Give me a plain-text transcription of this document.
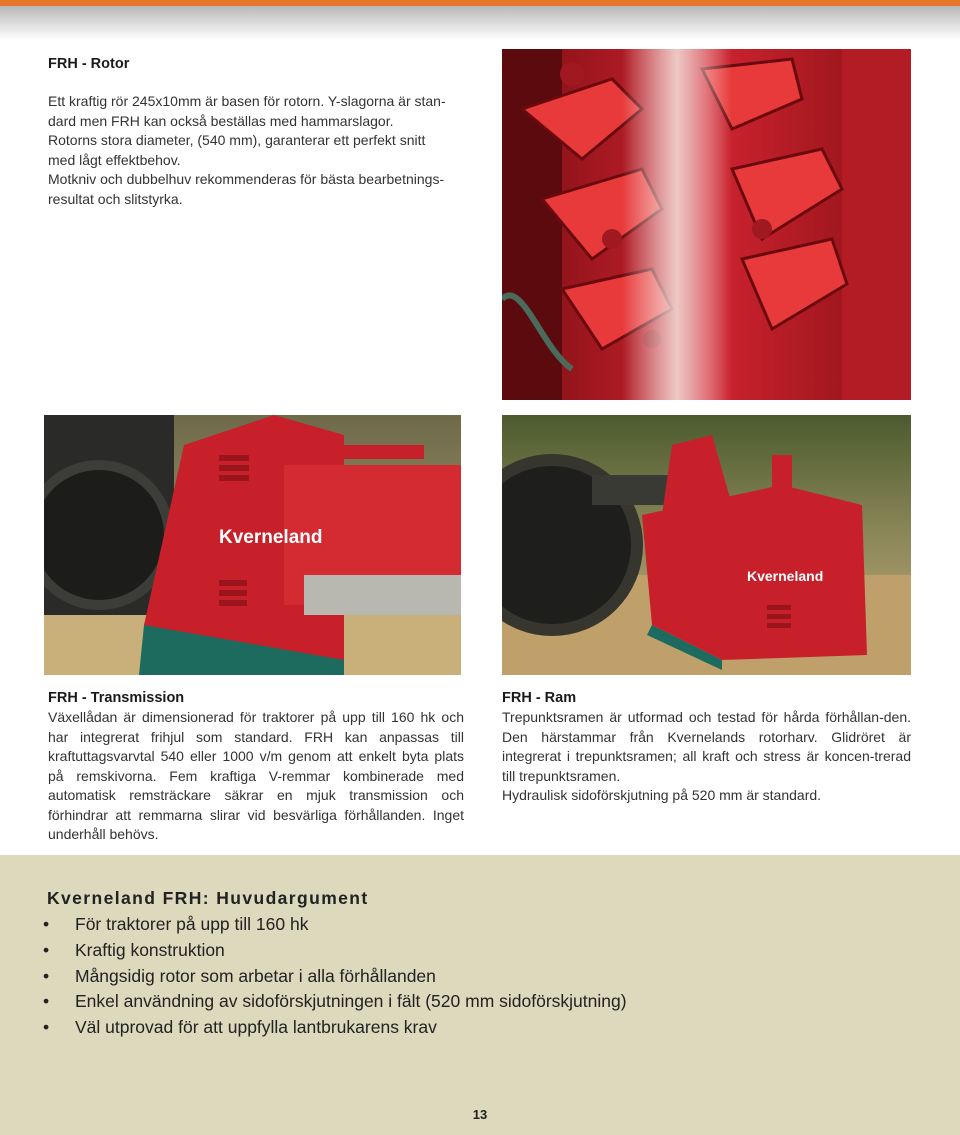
FRH - Rotor
Ett kraftig rör 245x10mm är basen för rotorn. Y-slagorna är stan-
dard men FRH kan också beställas med hammarslagor.
Rotorns stora diameter, (540 mm), garanterar ett perfekt snitt
med lågt effektbehov.
Motkniv och dubbelhuv rekommenderas för bästa bearbetnings-
resultat och slitstyrka.
Kverneland
Kverneland
FRH - Transmission

Växellådan är dimensionerad för traktorer på upp till 160 hk och har integrerat frihjul som standard. FRH kan anpassas till kraftuttagsvarvtal 540 eller 1000 v/m genom att enkelt byta plats på remskivorna. Fem kraftiga V-remmar kombinerade med automatisk remsträckare säkrar en mjuk transmission och förhindrar att remmarna slirar vid besvärliga förhållanden. Inget underhåll behövs.

FRH - Ram

Trepunktsramen är utformad och testad för hårda förhållan-den. Den härstammar från Kvernelands rotorharv. Glidröret är integrerat i trepunktsramen; all kraft och stress är koncen-trerad till trepunktsramen.

Hydraulisk sidoförskjutning på 520 mm är standard.

Kverneland FRH: Huvudargument
• För traktorer på upp till 160 hk
• Kraftig konstruktion
• Mångsidig rotor som arbetar i alla förhållanden
• Enkel användning av sidoförskjutningen i fält (520 mm sidoförskjutning)
• Väl utprovad för att uppfylla lantbrukarens krav
13
